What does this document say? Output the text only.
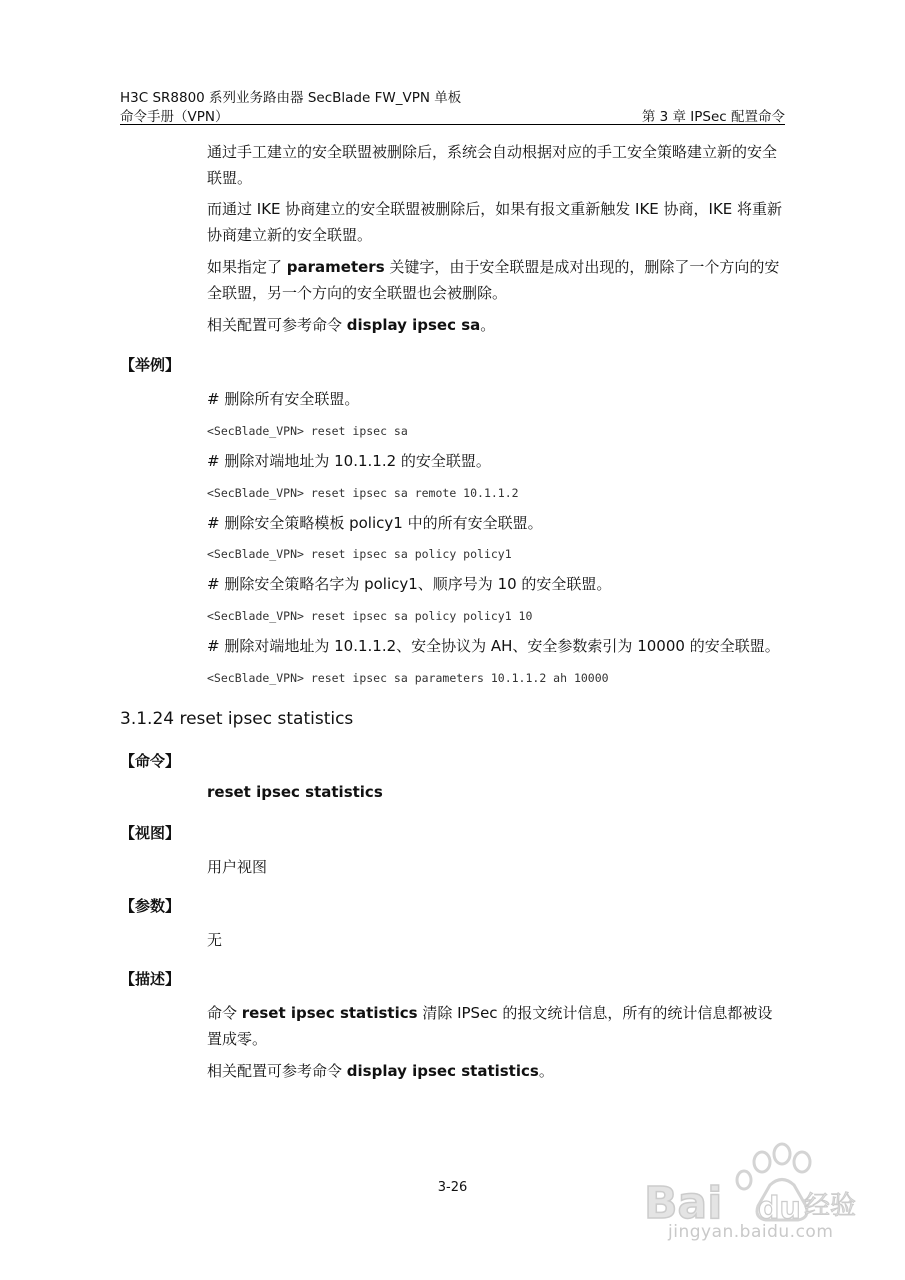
H3C SR8800 系列业务路由器 SecBlade FW_VPN 单板
命令手册（VPN）	第 3 章 IPSec 配置命令
通过手工建立的安全联盟被删除后，系统会自动根据对应的手工安全策略建立新的安全联盟。
而通过 IKE 协商建立的安全联盟被删除后，如果有报文重新触发 IKE 协商，IKE 将重新协商建立新的安全联盟。
如果指定了 parameters 关键字，由于安全联盟是成对出现的，删除了一个方向的安全联盟，另一个方向的安全联盟也会被删除。
相关配置可参考命令 display ipsec sa。
【举例】
# 删除所有安全联盟。
<SecBlade_VPN> reset ipsec sa
# 删除对端地址为 10.1.1.2 的安全联盟。
<SecBlade_VPN> reset ipsec sa remote 10.1.1.2
# 删除安全策略模板 policy1 中的所有安全联盟。
<SecBlade_VPN> reset ipsec sa policy policy1
# 删除安全策略名字为 policy1、顺序号为 10 的安全联盟。
<SecBlade_VPN> reset ipsec sa policy policy1 10
# 删除对端地址为 10.1.1.2、安全协议为 AH、安全参数索引为 10000 的安全联盟。
<SecBlade_VPN> reset ipsec sa parameters 10.1.1.2 ah 10000
3.1.24 reset ipsec statistics
【命令】
reset ipsec statistics
【视图】
用户视图
【参数】
无
【描述】
命令 reset ipsec statistics 清除 IPSec 的报文统计信息，所有的统计信息都被设置成零。
相关配置可参考命令 display ipsec statistics。
3-26	Bai du 经验
jingyan.baidu.com
